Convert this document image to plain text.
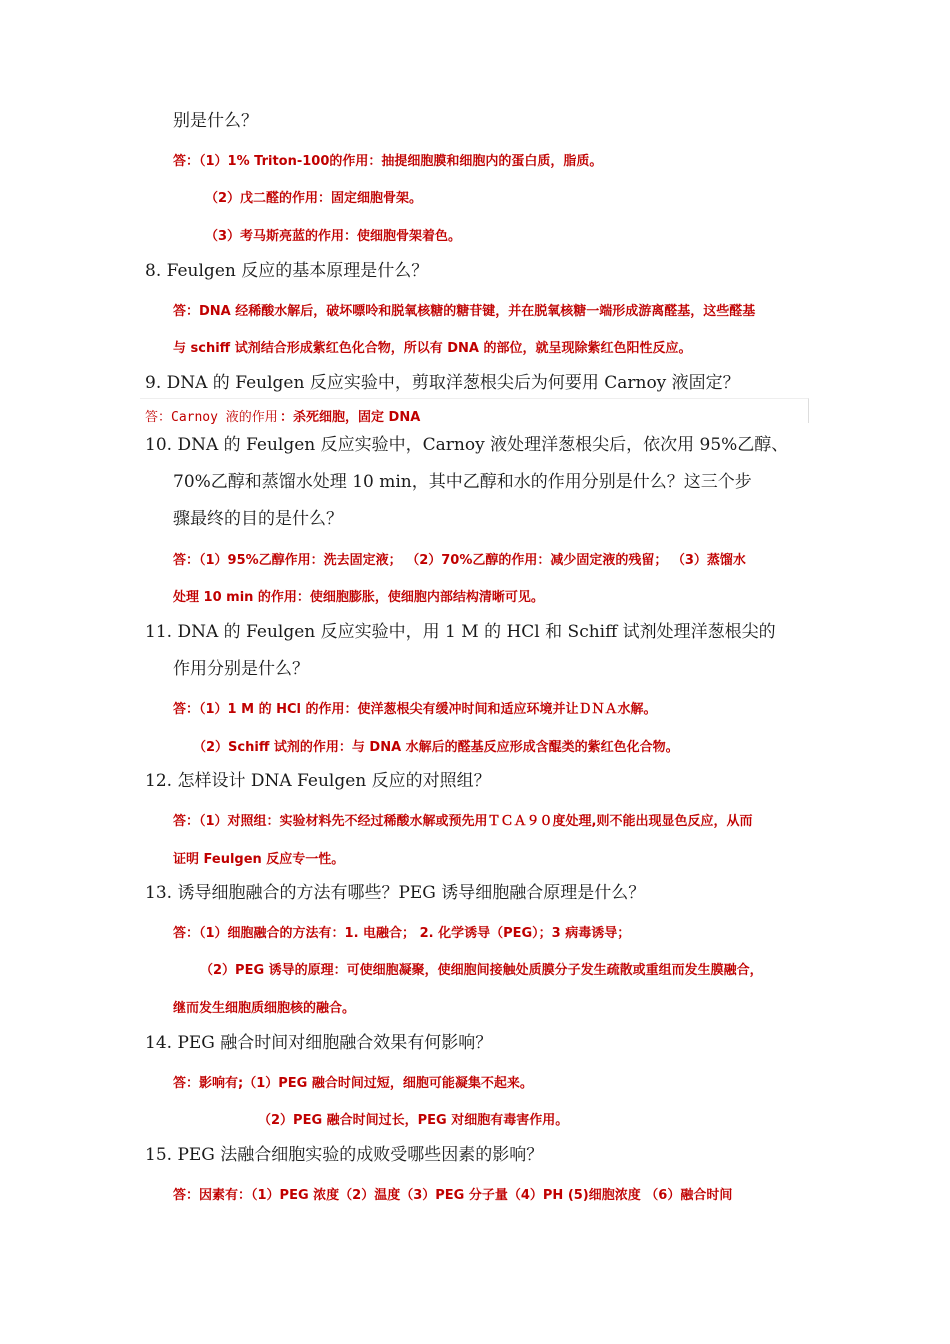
别是什么？

答：（1）1% Triton-100的作用：抽提细胞膜和细胞内的蛋白质，脂质。

（2）戊二醛的作用：固定细胞骨架。

（3）考马斯亮蓝的作用：使细胞骨架着色。

8. Feulgen 反应的基本原理是什么？

答：DNA 经稀酸水解后，破坏嘌呤和脱氧核糖的糖苷键，并在脱氧核糖一端形成游离醛基，这些醛基

与 schiff 试剂结合形成紫红色化合物，所以有 DNA 的部位，就呈现除紫红色阳性反应。

9. DNA 的 Feulgen 反应实验中，剪取洋葱根尖后为何要用 Carnoy 液固定？

答：Carnoy 液的作用 ：杀死细胞，固定 DNA

10. DNA 的 Feulgen 反应实验中，Carnoy 液处理洋葱根尖后，依次用 95%乙醇、

70%乙醇和蒸馏水处理 10 min，其中乙醇和水的作用分别是什么？这三个步

骤最终的目的是什么？

答：（1）95%乙醇作用：洗去固定液； （2）70%乙醇的作用：减少固定液的残留； （3）蒸馏水

处理 10 min 的作用：使细胞膨胀，使细胞内部结构清晰可见。

11. DNA 的 Feulgen 反应实验中，用 1 M 的 HCl 和 Schiff 试剂处理洋葱根尖的

作用分别是什么？

答：（1）1 M 的 HCl 的作用：使洋葱根尖有缓冲时间和适应环境并让ＤＮＡ水解。

（2）Schiff 试剂的作用：与 DNA 水解后的醛基反应形成含醌类的紫红色化合物。

12. 怎样设计 DNA Feulgen 反应的对照组？

答：（1）对照组：实验材料先不经过稀酸水解或预先用ＴＣＡ９０度处理,则不能出现显色反应，从而

证明 Feulgen 反应专一性。

13. 诱导细胞融合的方法有哪些？PEG 诱导细胞融合原理是什么？

答：（1）细胞融合的方法有：1. 电融合； 2. 化学诱导（PEG）；3 病毒诱导；

（2）PEG 诱导的原理：可使细胞凝聚，使细胞间接触处质膜分子发生疏散或重组而发生膜融合，

继而发生细胞质细胞核的融合。

14. PEG 融合时间对细胞融合效果有何影响？

答：影响有;（1）PEG 融合时间过短，细胞可能凝集不起来。

（2）PEG 融合时间过长，PEG 对细胞有毒害作用。

15. PEG 法融合细胞实验的成败受哪些因素的影响？

答：因素有：（1）PEG 浓度（2）温度（3）PEG 分子量（4）PH (5)细胞浓度 （6）融合时间
